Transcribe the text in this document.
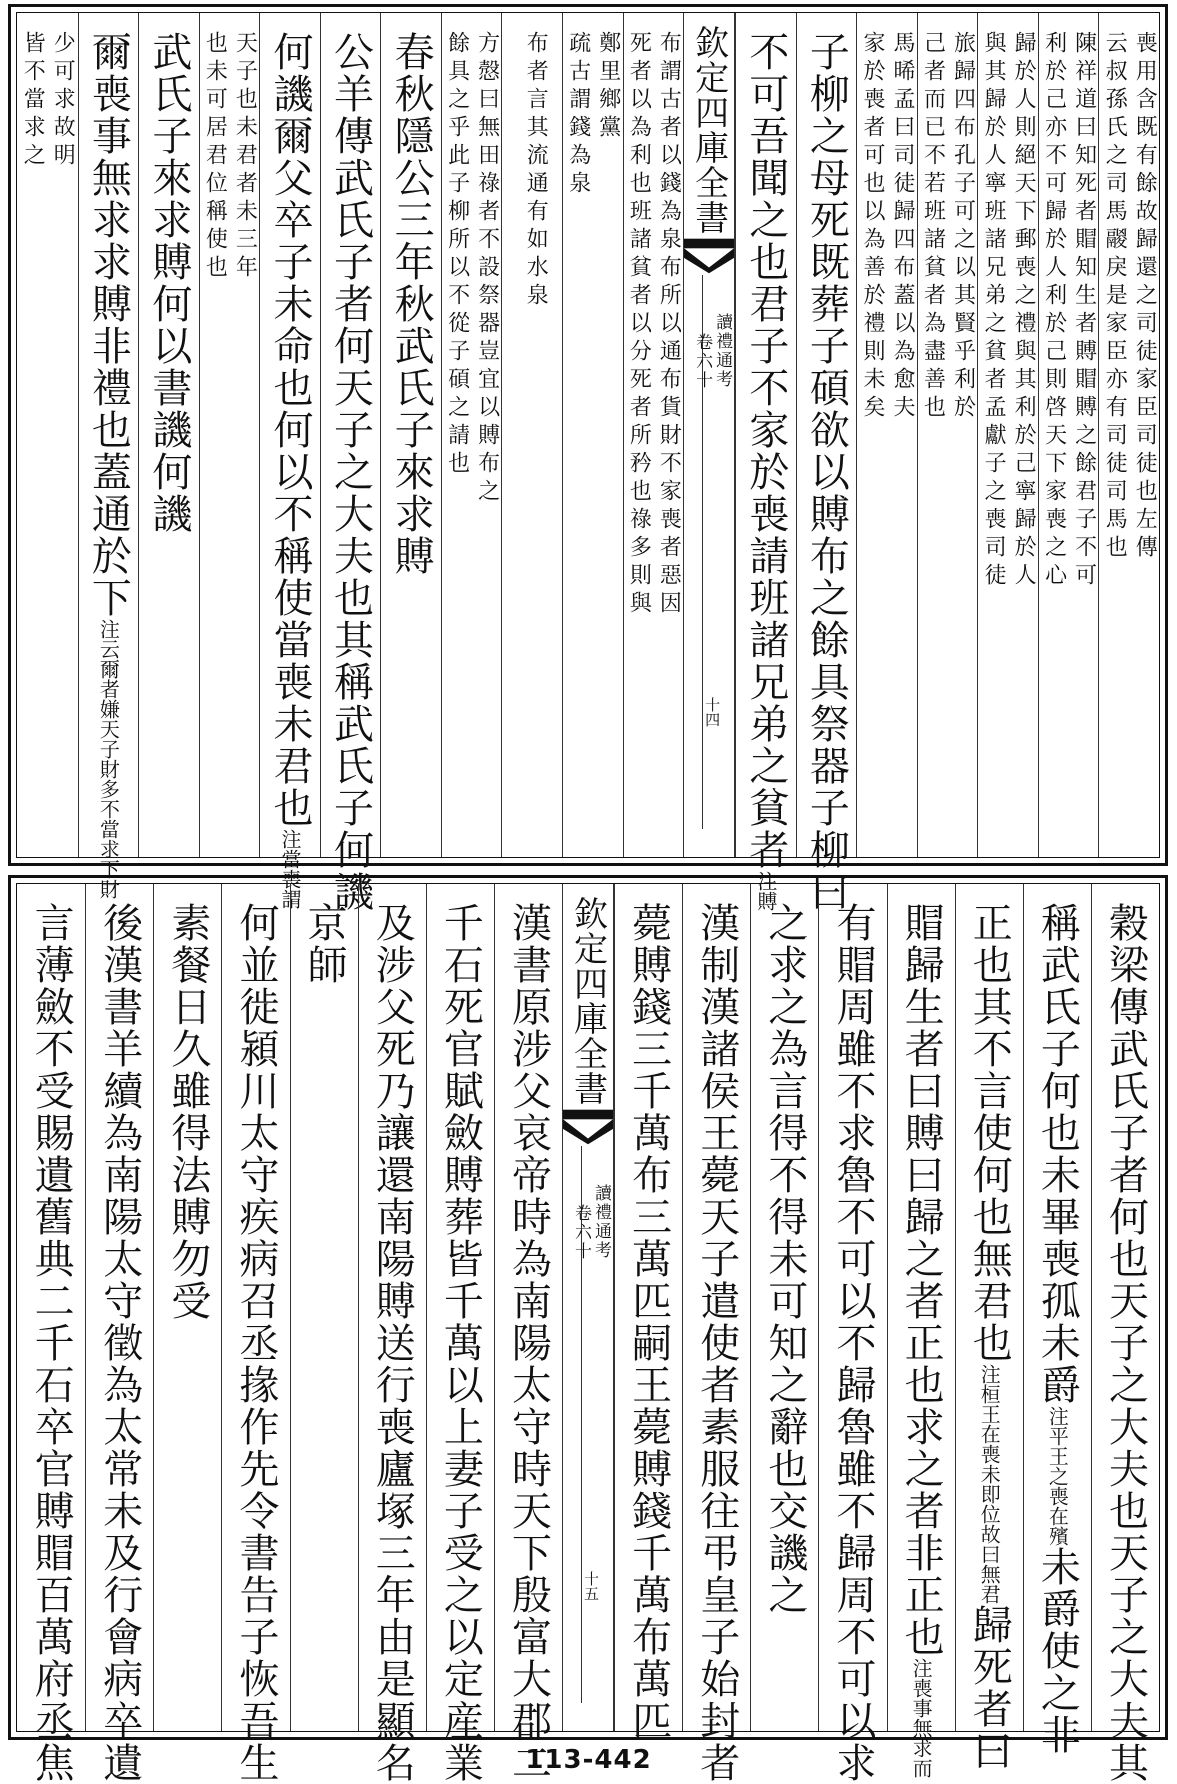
喪用含既有餘故歸還之司徒家臣司徒也左傳
云叔孫氏之司馬鬷戾是家臣亦有司徒司馬也
陳祥道曰知死者賵知生者賻賵賻之餘君子不可
利於己亦不可歸於人利於己則啓天下家喪之心
歸於人則絕天下郵喪之禮與其利於己寧歸於人
與其歸於人寧班諸兄弟之貧者孟獻子之喪司徒
旅歸四布孔子可之以其賢乎利於
己者而已不若班諸貧者為盡善也
馬晞孟曰司徒歸四布蓋以為愈夫
家於喪者可也以為善於禮則未矣
子柳之母死既葬子碩欲以賻布之餘具祭器子柳曰
不可吾聞之也君子不家於喪請班諸兄弟之貧者注賻
欽定四庫全書
讀禮通考
卷六十
十四
布謂古者以錢為泉布所以通布貨財不家喪者惡因
死者以為利也班諸貧者以分死者所矜也祿多則與
鄭里鄉黨
疏古謂錢為泉
布者言其流通有如水泉
方慤曰無田祿者不設祭器豈宜以賻布之
餘具之乎此子柳所以不從子碩之請也
春秋隱公三年秋武氏子來求賻
公羊傳武氏子者何天子之大夫也其稱武氏子何譏
何譏爾父卒子未命也何以不稱使當喪未君也注當喪謂
天子也未君者未三年
也未可居君位稱使也
武氏子來求賻何以書譏何譏
爾喪事無求求賻非禮也蓋通於下注云爾者嫌天子財多不當求下財
少可求故明
皆不當求之
穀梁傳武氏子者何也天子之大夫也天子之大夫其
稱武氏子何也未畢喪孤未爵注平王之喪在殯未爵使之非
正也其不言使何也無君也注桓王在喪未即位故曰無君歸死者曰
賵歸生者曰賻曰歸之者正也求之者非正也注喪事無求而
有賵周雖不求魯不可以不歸魯雖不歸周不可以求
之求之為言得不得未可知之辭也交譏之
漢制漢諸侯王薨天子遣使者素服往弔皇子始封者
薨賻錢三千萬布三萬匹嗣王薨賻錢千萬布萬匹
欽定四庫全書
讀禮通考
卷六十
十五
漢書原涉父哀帝時為南陽太守時天下殷富大郡二
千石死官賦斂賻葬皆千萬以上妻子受之以定産業
及涉父死乃讓還南陽賻送行喪廬塚三年由是顯名
京師
何並徙潁川太守疾病召丞掾作先令書告子恢吾生
素餐日久雖得法賻勿受
後漢書羊續為南陽太守徵為太常未及行會病卒遺
言薄斂不受賜遺舊典二千石卒官賻賵百萬府丞焦	113-442
